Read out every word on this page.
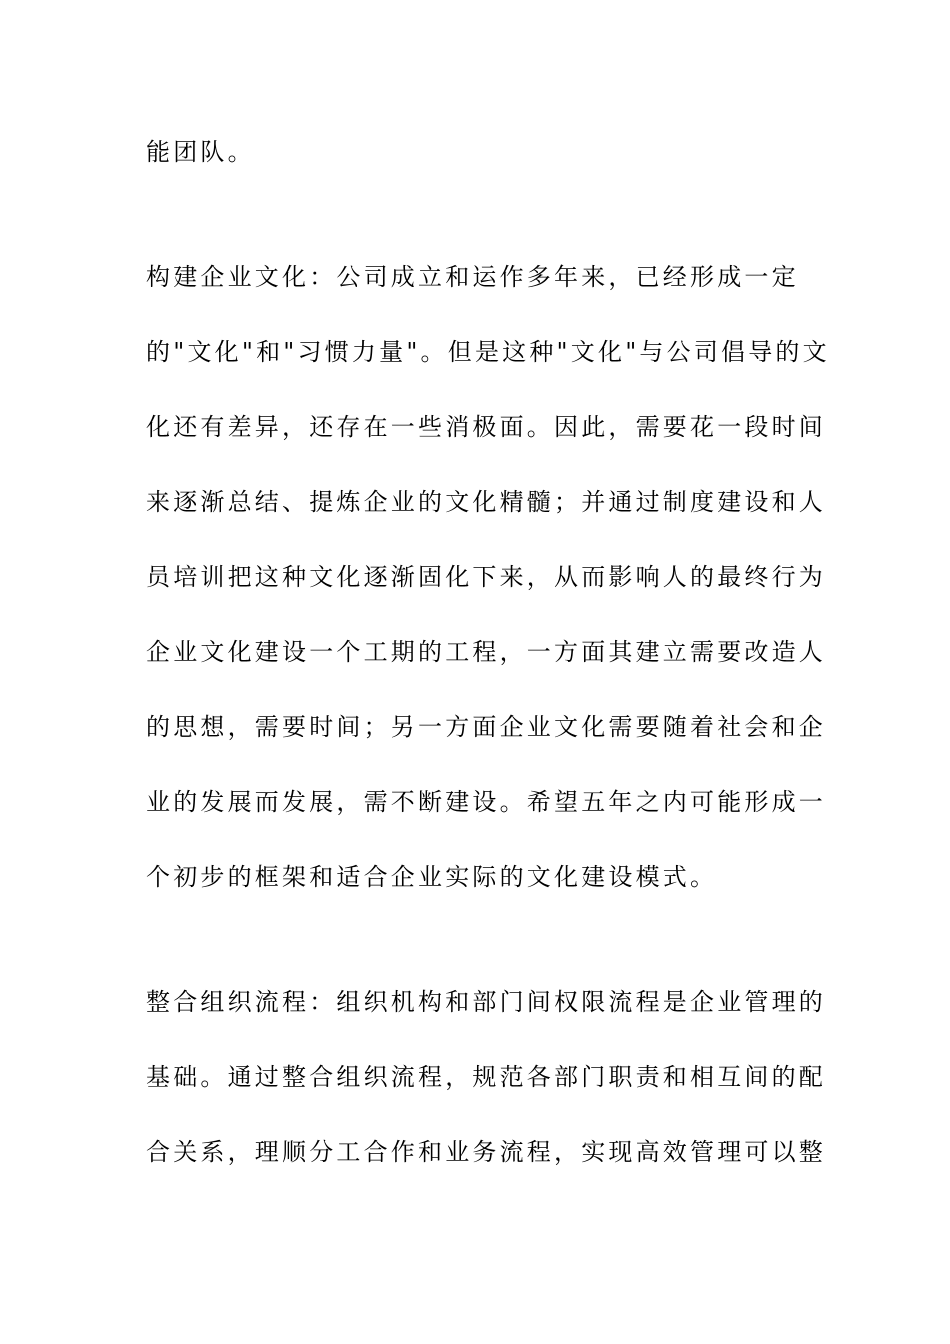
能团队。
构建企业文化：公司成立和运作多年来，已经形成一定
的"文化"和"习惯力量"。但是这种"文化"与公司倡导的文
化还有差异，还存在一些消极面。因此，需要花一段时间
来逐渐总结、提炼企业的文化精髓；并通过制度建设和人
员培训把这种文化逐渐固化下来，从而影响人的最终行为
企业文化建设一个工期的工程，一方面其建立需要改造人
的思想，需要时间；另一方面企业文化需要随着社会和企
业的发展而发展，需不断建设。希望五年之内可能形成一
个初步的框架和适合企业实际的文化建设模式。
整合组织流程：组织机构和部门间权限流程是企业管理的
基础。通过整合组织流程，规范各部门职责和相互间的配
合关系，理顺分工合作和业务流程，实现高效管理可以整
